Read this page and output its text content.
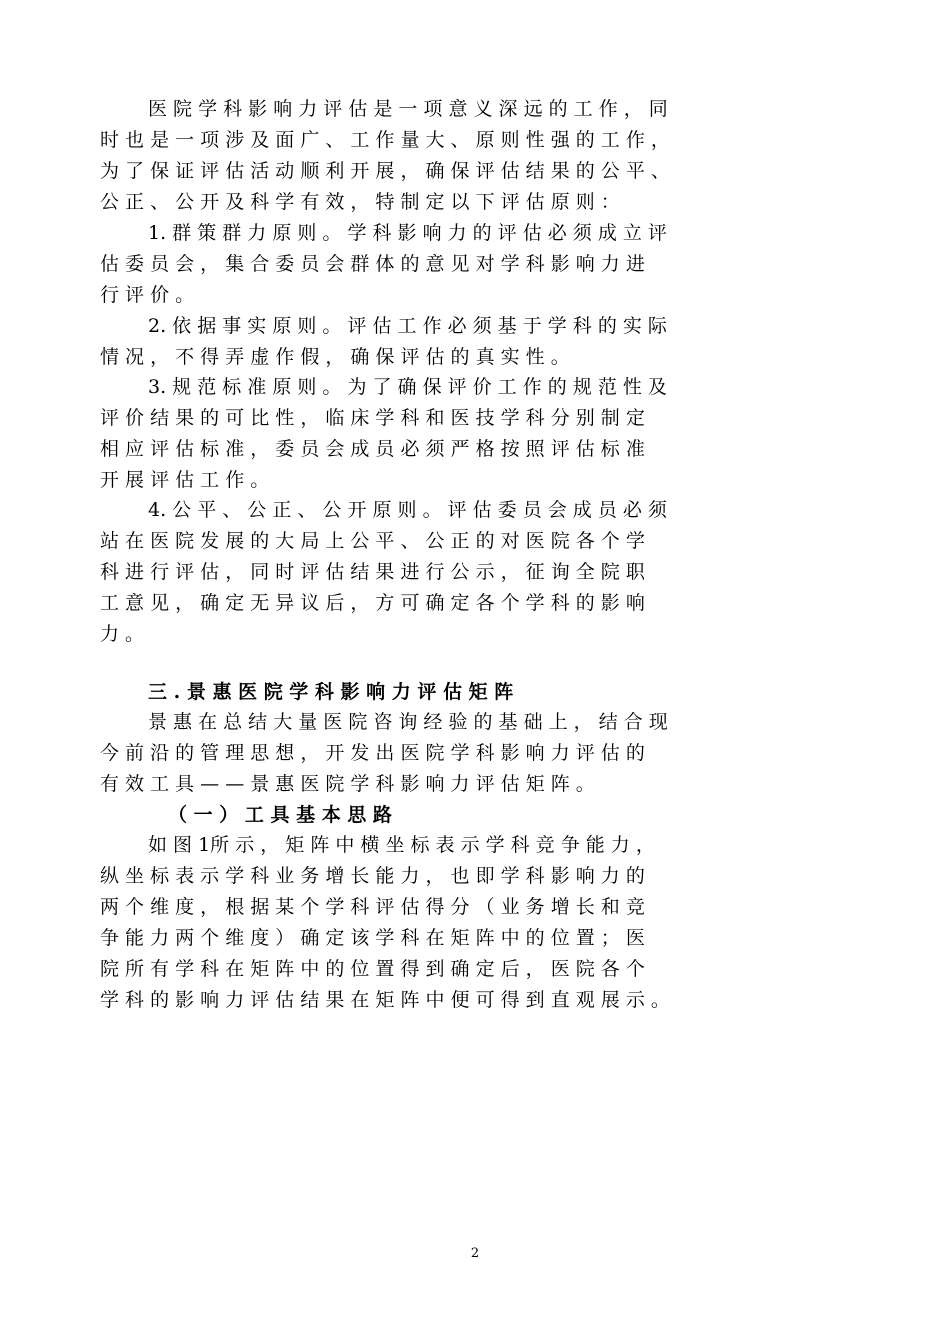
医 院 学 科 影 响 力 评 估 是 一 项 意 义 深 远 的 工 作 ， 同
时 也 是 一 项 涉 及 面 广 、 工 作 量 大 、 原 则 性 强 的 工 作 ，
为 了 保 证 评 估 活 动 顺 利 开 展 ， 确 保 评 估 结 果 的 公 平 、
公 正 、 公 开 及 科 学 有 效 ， 特 制 定 以 下 评 估 原 则 ：
1. 群 策 群 力 原 则 。 学 科 影 响 力 的 评 估 必 须 成 立 评
估 委 员 会 ， 集 合 委 员 会 群 体 的 意 见 对 学 科 影 响 力 进
行 评 价 。
2. 依 据 事 实 原 则 。 评 估 工 作 必 须 基 于 学 科 的 实 际
情 况 ， 不 得 弄 虚 作 假 ， 确 保 评 估 的 真 实 性 。
3. 规 范 标 准 原 则 。 为 了 确 保 评 价 工 作 的 规 范 性 及
评 价 结 果 的 可 比 性 ， 临 床 学 科 和 医 技 学 科 分 别 制 定
相 应 评 估 标 准 ， 委 员 会 成 员 必 须 严 格 按 照 评 估 标 准
开 展 评 估 工 作 。
4. 公 平 、 公 正 、 公 开 原 则 。 评 估 委 员 会 成 员 必 须
站 在 医 院 发 展 的 大 局 上 公 平 、 公 正 的 对 医 院 各 个 学
科 进 行 评 估 ， 同 时 评 估 结 果 进 行 公 示 ， 征 询 全 院 职
工 意 见 ， 确 定 无 异 议 后 ， 方 可 确 定 各 个 学 科 的 影 响
力 。
三 . 景 惠 医 院 学 科 影 响 力 评 估 矩 阵
景 惠 在 总 结 大 量 医 院 咨 询 经 验 的 基 础 上 ， 结 合 现
今 前 沿 的 管 理 思 想 ， 开 发 出 医 院 学 科 影 响 力 评 估 的
有 效 工 具 — — 景 惠 医 院 学 科 影 响 力 评 估 矩 阵 。
（ 一 ） 工 具 基 本 思 路
如 图 1所 示 ， 矩 阵 中 横 坐 标 表 示 学 科 竞 争 能 力 ，
纵 坐 标 表 示 学 科 业 务 增 长 能 力 ， 也 即 学 科 影 响 力 的
两 个 维 度 ， 根 据 某 个 学 科 评 估 得 分 （ 业 务 增 长 和 竞
争 能 力 两 个 维 度 ） 确 定 该 学 科 在 矩 阵 中 的 位 置 ； 医
院 所 有 学 科 在 矩 阵 中 的 位 置 得 到 确 定 后 ， 医 院 各 个
学 科 的 影 响 力 评 估 结 果 在 矩 阵 中 便 可 得 到 直 观 展 示 。
2
